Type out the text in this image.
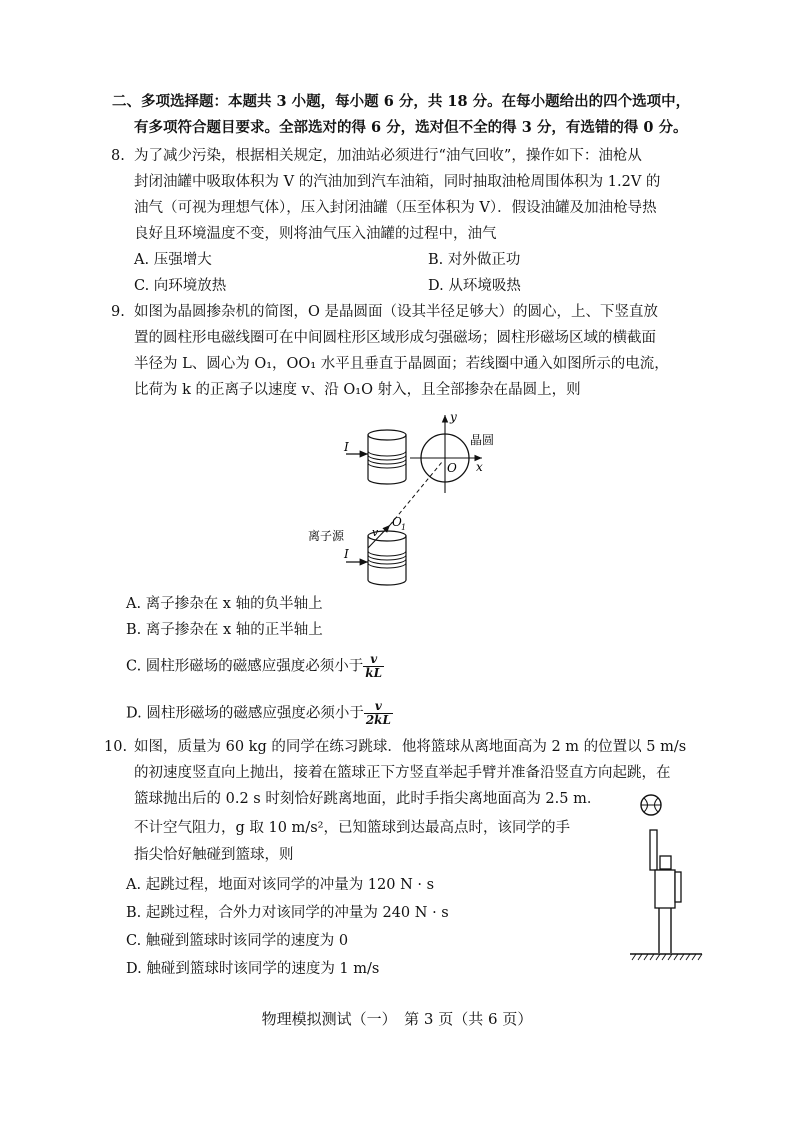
二、多项选择题：本题共 3 小题，每小题 6 分，共 18 分。在每小题给出的四个选项中，
有多项符合题目要求。全部选对的得 6 分，选对但不全的得 3 分，有选错的得 0 分。
8. 为了减少污染，根据相关规定，加油站必须进行“油气回收”，操作如下：油枪从
封闭油罐中吸取体积为 V 的汽油加到汽车油箱，同时抽取油枪周围体积为 1.2V 的
油气（可视为理想气体），压入封闭油罐（压至体积为 V）．假设油罐及加油枪导热
良好且环境温度不变，则将油气压入油罐的过程中，油气
A. 压强增大	B. 对外做正功
C. 向环境放热	D. 从环境吸热
9. 如图为晶圆掺杂机的简图，O 是晶圆面（设其半径足够大）的圆心，上、下竖直放
置的圆柱形电磁线圈可在中间圆柱形区域形成匀强磁场；圆柱形磁场区域的横截面
半径为 L、圆心为 O₁，OO₁ 水平且垂直于晶圆面；若线圈中通入如图所示的电流，
比荷为 k 的正离子以速度 v、沿 O₁O 射入，且全部掺杂在晶圆上，则
I
x
y
O
晶圆
v
O 1
I
离子源
A. 离子掺杂在 x 轴的负半轴上
B. 离子掺杂在 x 轴的正半轴上
C. 圆柱形磁场的磁感应强度必须小于 $\frac{v}{kL}$
D. 圆柱形磁场的磁感应强度必须小于 $\frac{v}{2kL}$
10. 如图，质量为 60 kg 的同学在练习跳球．他将篮球从离地面高为 2 m 的位置以 5 m/s
的初速度竖直向上抛出，接着在篮球正下方竖直举起手臂并准备沿竖直方向起跳，在
篮球抛出后的 0.2 s 时刻恰好跳离地面，此时手指尖离地面高为 2.5 m．
不计空气阻力，g 取 10 m/s²，已知篮球到达最高点时，该同学的手
指尖恰好触碰到篮球，则
A. 起跳过程，地面对该同学的冲量为 120 N · s
B. 起跳过程，合外力对该同学的冲量为 240 N · s
C. 触碰到篮球时该同学的速度为 0
D. 触碰到篮球时该同学的速度为 1 m/s
物理模拟测试（一）　第 3 页（共 6 页）
